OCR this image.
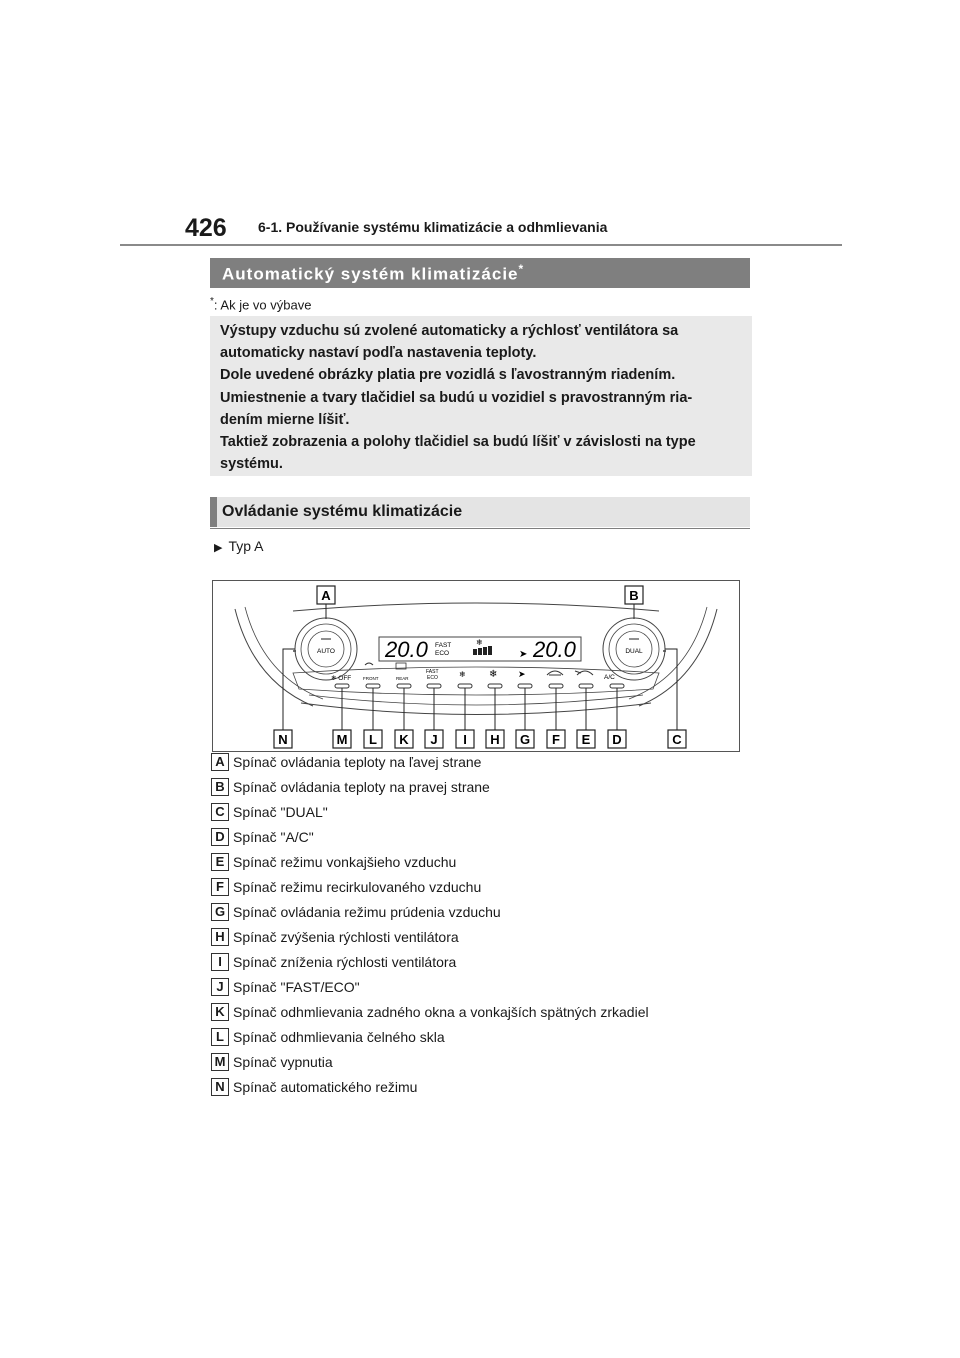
426 6-1. Používanie systému klimatizácie a odhmlievania
Automatický systém klimatizácie*
*: Ak je vo výbave
Výstupy vzduchu sú zvolené automaticky a rýchlosť ventilátora sa
automaticky nastaví podľa nastavenia teploty.
Dole uvedené obrázky platia pre vozidlá s ľavostranným riadením.
Umiestnenie a tvary tlačidiel sa budú u vozidiel s pravostranným ria-
dením mierne líšiť.
Taktiež zobrazenia a polohy tlačidiel sa budú líšiť v závislosti na type
systému.
Ovládanie systému klimatizácie
▶ Typ A
AUTO	DUAL
20.0	20.0
FAST
ECO
❄
➤
❄ OFF	FRONT	REAR
FAST
ECO	❄ ❄ ➤	A/C
A	B
N	M L K J I H G F E D	C
A Spínač ovládania teploty na ľavej strane
B Spínač ovládania teploty na pravej strane
C Spínač "DUAL"
D Spínač "A/C"
E Spínač režimu vonkajšieho vzduchu
F Spínač režimu recirkulovaného vzduchu
G Spínač ovládania režimu prúdenia vzduchu
H Spínač zvýšenia rýchlosti ventilátora
I Spínač zníženia rýchlosti ventilátora
J Spínač "FAST/ECO"
K Spínač odhmlievania zadného okna a vonkajších spätných zrkadiel
L Spínač odhmlievania čelného skla
M Spínač vypnutia
N Spínač automatického režimu
